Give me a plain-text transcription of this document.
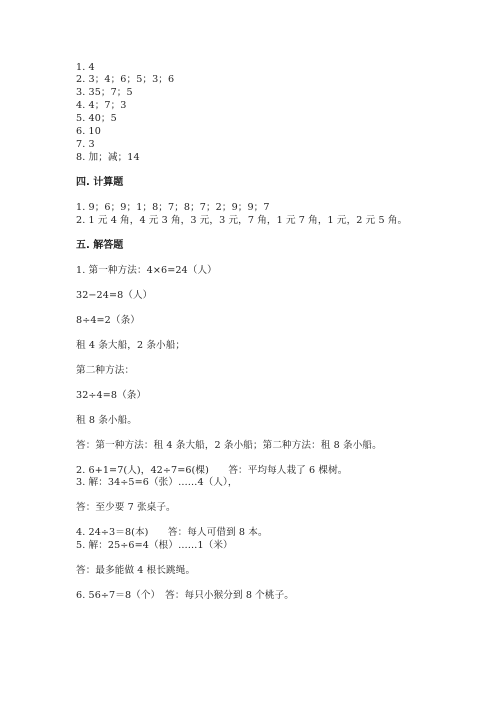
1. 4
2. 3；4；6；5；3；6
3. 35；7；5
4. 4；7；3
5. 40；5
6. 10
7. 3
8. 加；减；14
四. 计算题
1. 9；6；9；1；8；7；8；7；2；9；9；7
2. 1 元 4 角，4 元 3 角，3 元，3 元，7 角，1 元 7 角，1 元，2 元 5 角。
五. 解答题
1. 第一种方法：4×6=24（人）
32−24=8（人）
8÷4=2（条）
租 4 条大船，2 条小船；
第二种方法：
32÷4=8（条）
租 8 条小船。
答：第一种方法：租 4 条大船，2 条小船；第二种方法：租 8 条小船。
2. 6+1=7(人)，42÷7=6(棵)　　答：平均每人栽了 6 棵树。
3. 解：34÷5=6（张）……4（人），
答：至少要 7 张桌子。
4. 24÷3＝8(本)　　答：每人可借到 8 本。
5. 解：25÷6=4（根）……1（米）
答：最多能做 4 根长跳绳。
6. 56÷7＝8（个）　答：每只小猴分到 8 个桃子。
